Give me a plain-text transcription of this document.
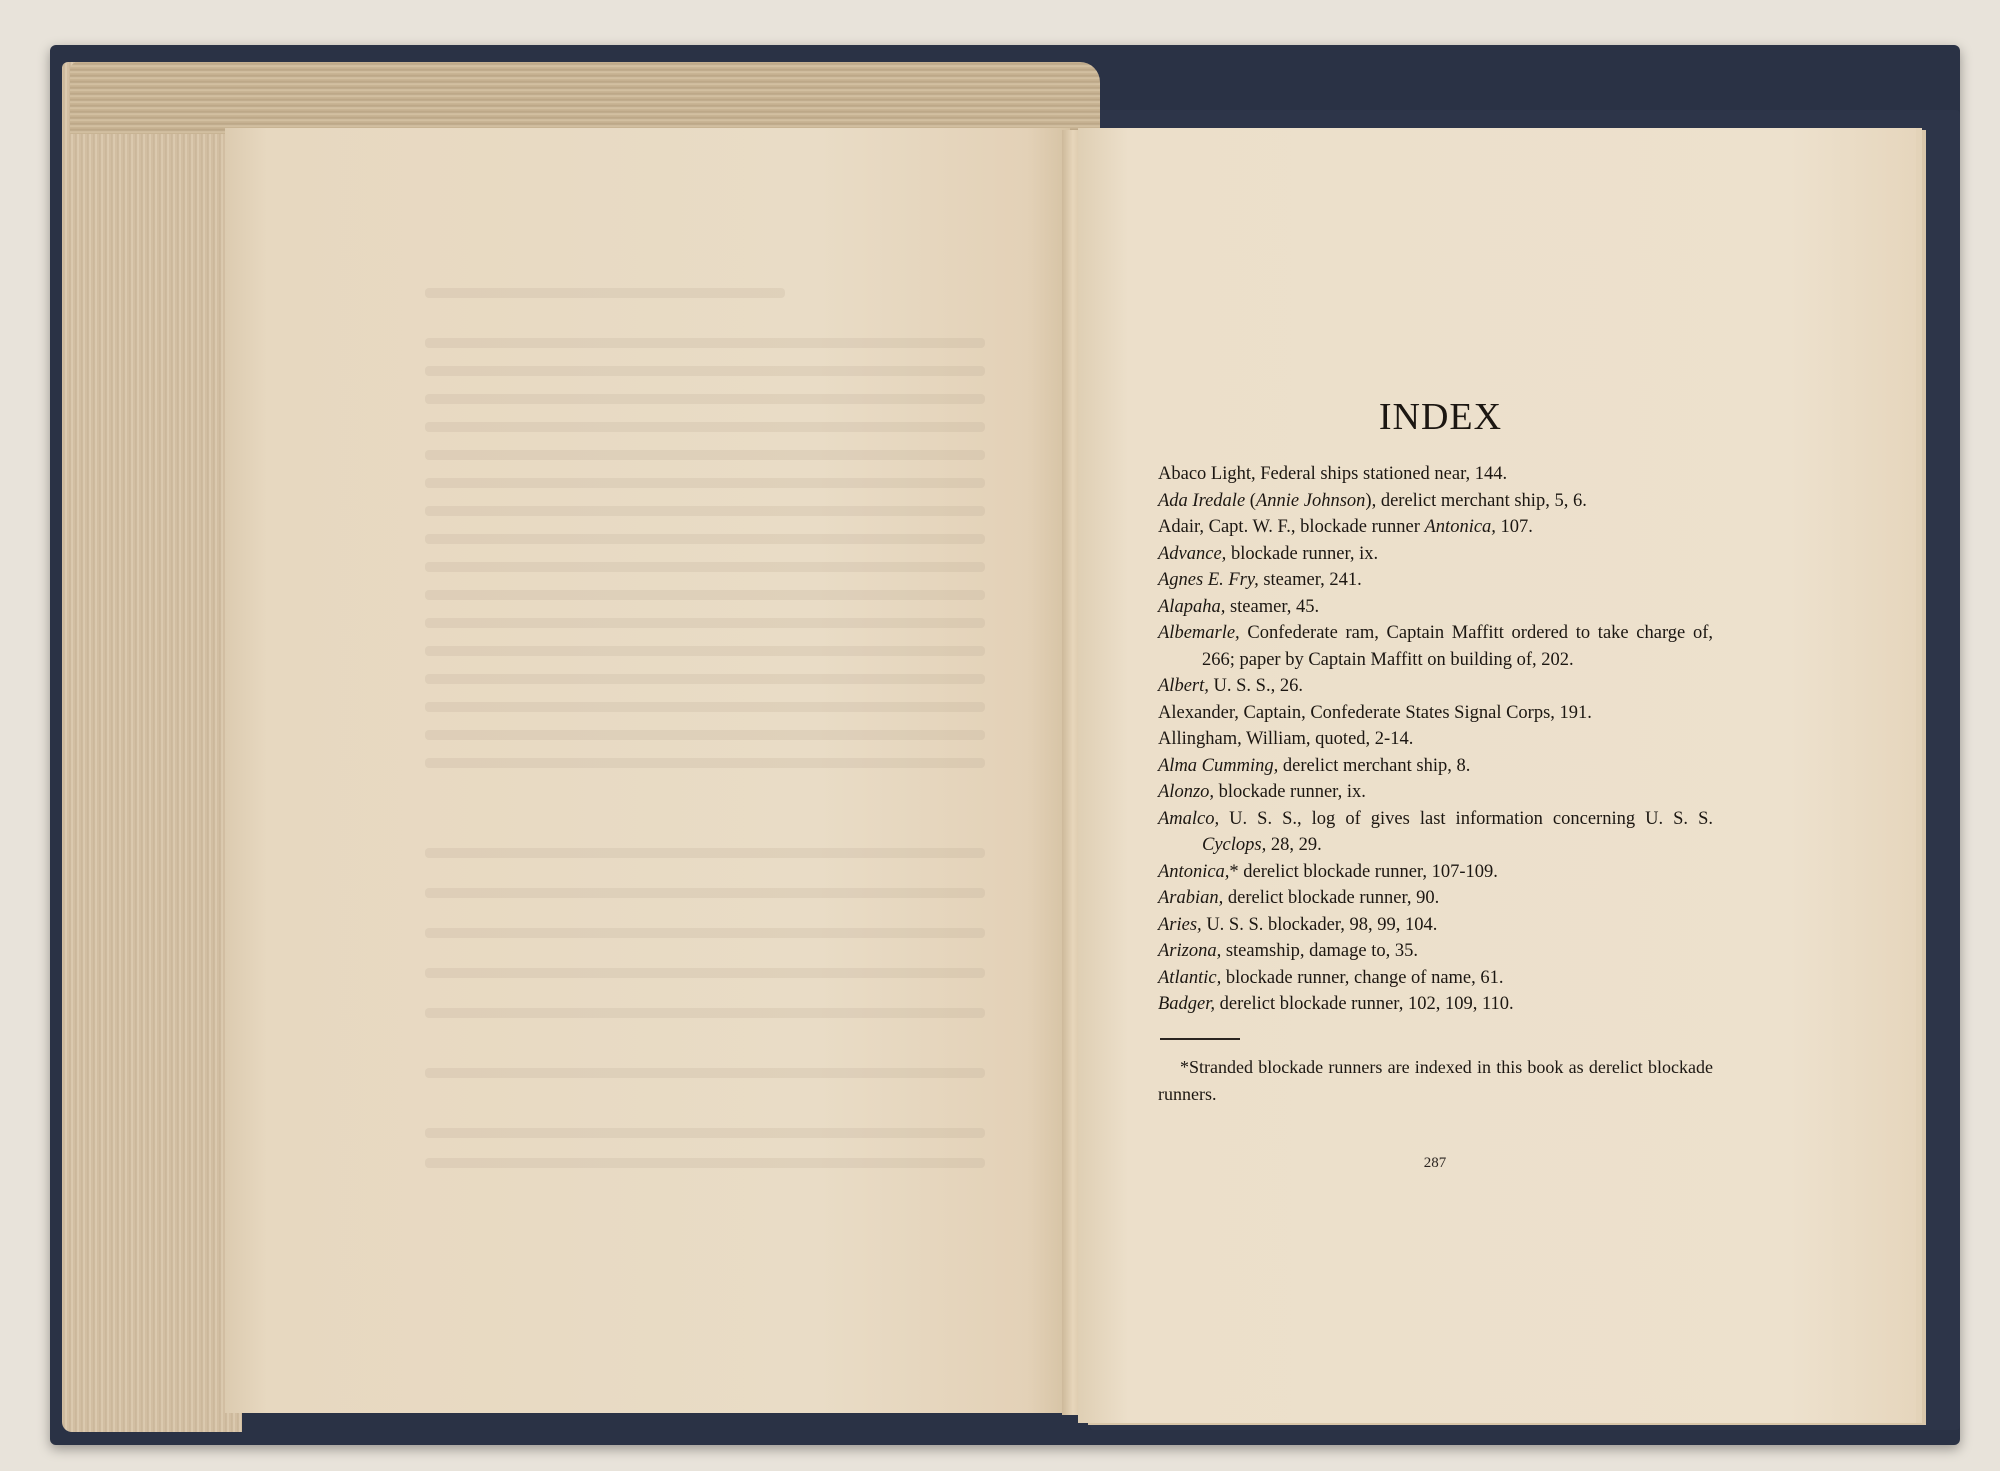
INDEX
Abaco Light, Federal ships stationed near, 144.
Ada Iredale (Annie Johnson), derelict merchant ship, 5, 6.
Adair, Capt. W. F., blockade runner Antonica, 107.
Advance, blockade runner, ix.
Agnes E. Fry, steamer, 241.
Alapaha, steamer, 45.
Albemarle, Confederate ram, Captain Maffitt ordered to take charge of, 266; paper by Captain Maffitt on building of, 202.
Albert, U. S. S., 26.
Alexander, Captain, Confederate States Signal Corps, 191.
Allingham, William, quoted, 2-14.
Alma Cumming, derelict merchant ship, 8.
Alonzo, blockade runner, ix.
Amalco, U. S. S., log of gives last information concerning U. S. S. Cyclops, 28, 29.
Antonica,* derelict blockade runner, 107-109.
Arabian, derelict blockade runner, 90.
Aries, U. S. S. blockader, 98, 99, 104.
Arizona, steamship, damage to, 35.
Atlantic, blockade runner, change of name, 61.
Badger, derelict blockade runner, 102, 109, 110.
*Stranded blockade runners are indexed in this book as derelict blockade runners.
287
